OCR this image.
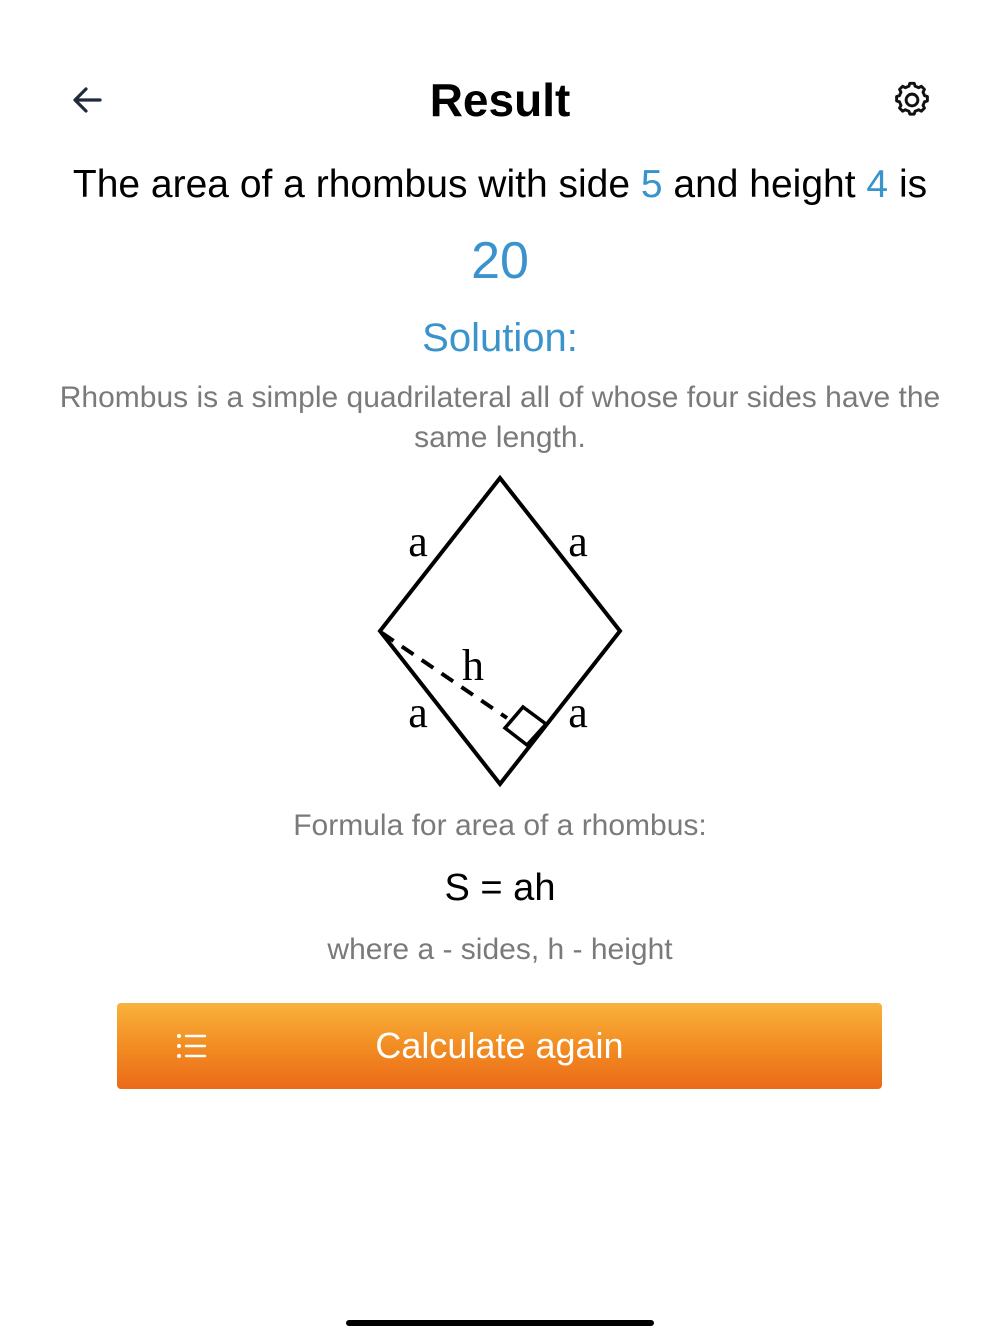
Result
The area of a rhombus with side 5 and height 4 is
20
Solution:
Rhombus is a simple quadrilateral all of whose four sides have the same length.
a	a
a	a
h
Formula for area of a rhombus:
S = ah
where a - sides, h - height
Calculate again
